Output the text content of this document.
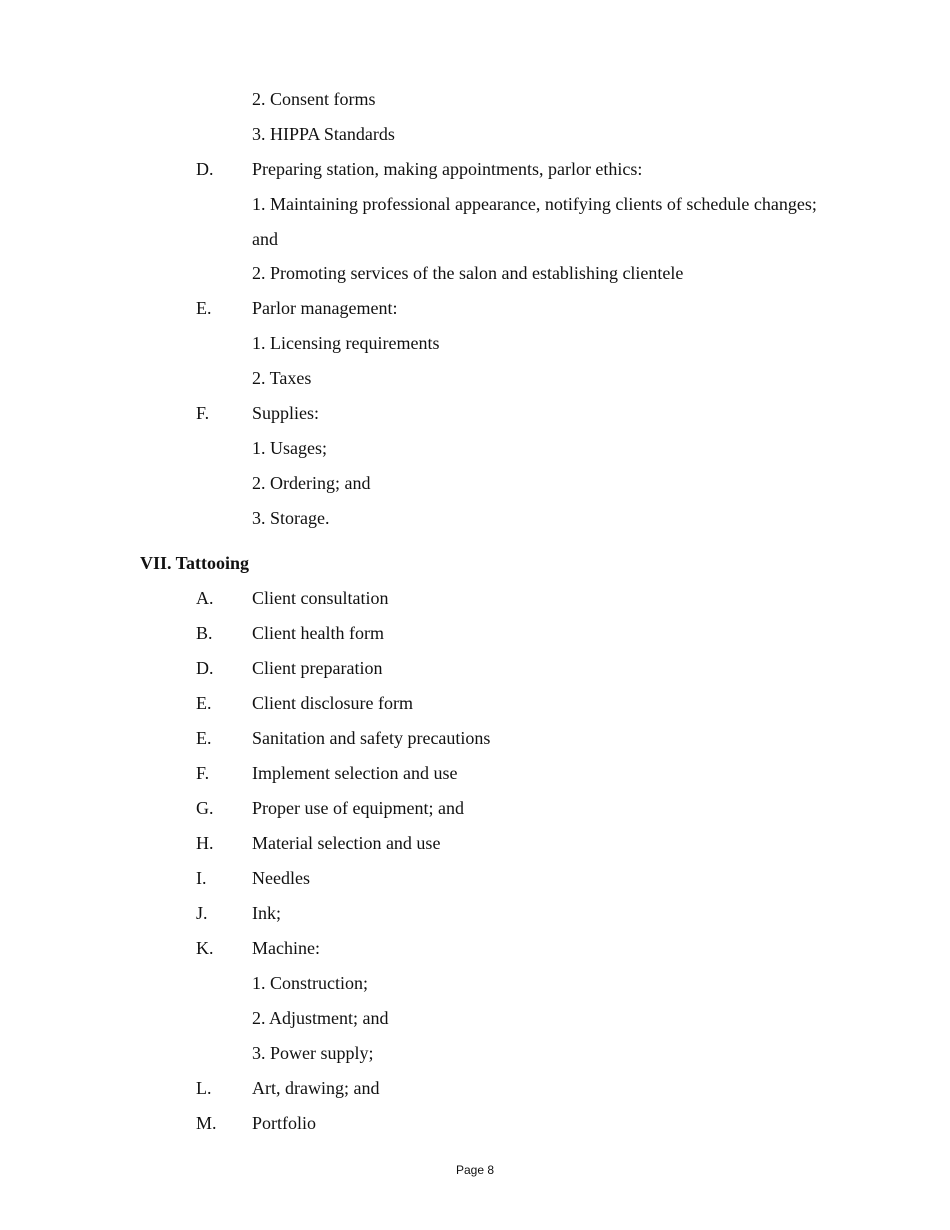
2. Consent forms
3. HIPPA Standards
D. Preparing station, making appointments, parlor ethics:
1. Maintaining professional appearance, notifying clients of schedule changes;
and
2. Promoting services of the salon and establishing clientele
E. Parlor management:
1. Licensing requirements
2. Taxes
F. Supplies:
1. Usages;
2. Ordering; and
3. Storage.
VII. Tattooing
A. Client consultation
B. Client health form
D. Client preparation
E. Client disclosure form
E. Sanitation and safety precautions
F. Implement selection and use
G. Proper use of equipment; and
H. Material selection and use
I.	Needles
J. Ink;
K. Machine:
1. Construction;
2. Adjustment; and
3. Power supply;
L. Art, drawing; and
M. Portfolio
Page 8
